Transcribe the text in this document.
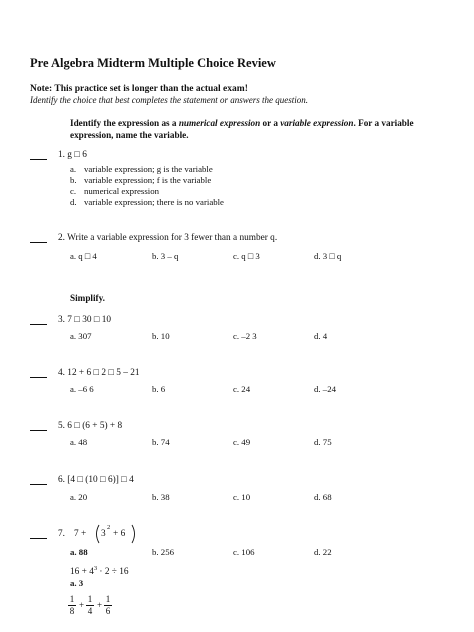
Pre Algebra Midterm Multiple Choice Review
Note: This practice set is longer than the actual exam!
Identify the choice that best completes the statement or answers the question.
Identify the expression as a numerical expression or a variable expression. For a variable expression, name the variable.
1. g □ 6
a. variable expression; g is the variable
b. variable expression; f is the variable
c. numerical expression
d. variable expression; there is no variable
2. Write a variable expression for 3 fewer than a number q.
a. q □ 4	b. 3 – q	c. q □ 3	d. 3 □ q
Simplify.
3. 7 □ 30 □ 10
a. 307	b. 10	c. –2 3	d. 4
4. 12 + 6 □ 2 □ 5 – 21
a. –6 6	b. 6	c. 24	d. –24
5. 6 □ (6 + 5) + 8
a. 48	b. 74	c. 49	d. 75
6. [4 □ (10 □ 6)] □ 4
a. 20	b. 38	c. 10	d. 68
7. 7 + 3
2
+ 6
a. 88	b. 256	c. 106	d. 22
$16 + 4^3 \cdot 2 \div 16$
a. 3
1
8
+
1
4
+
1
6
